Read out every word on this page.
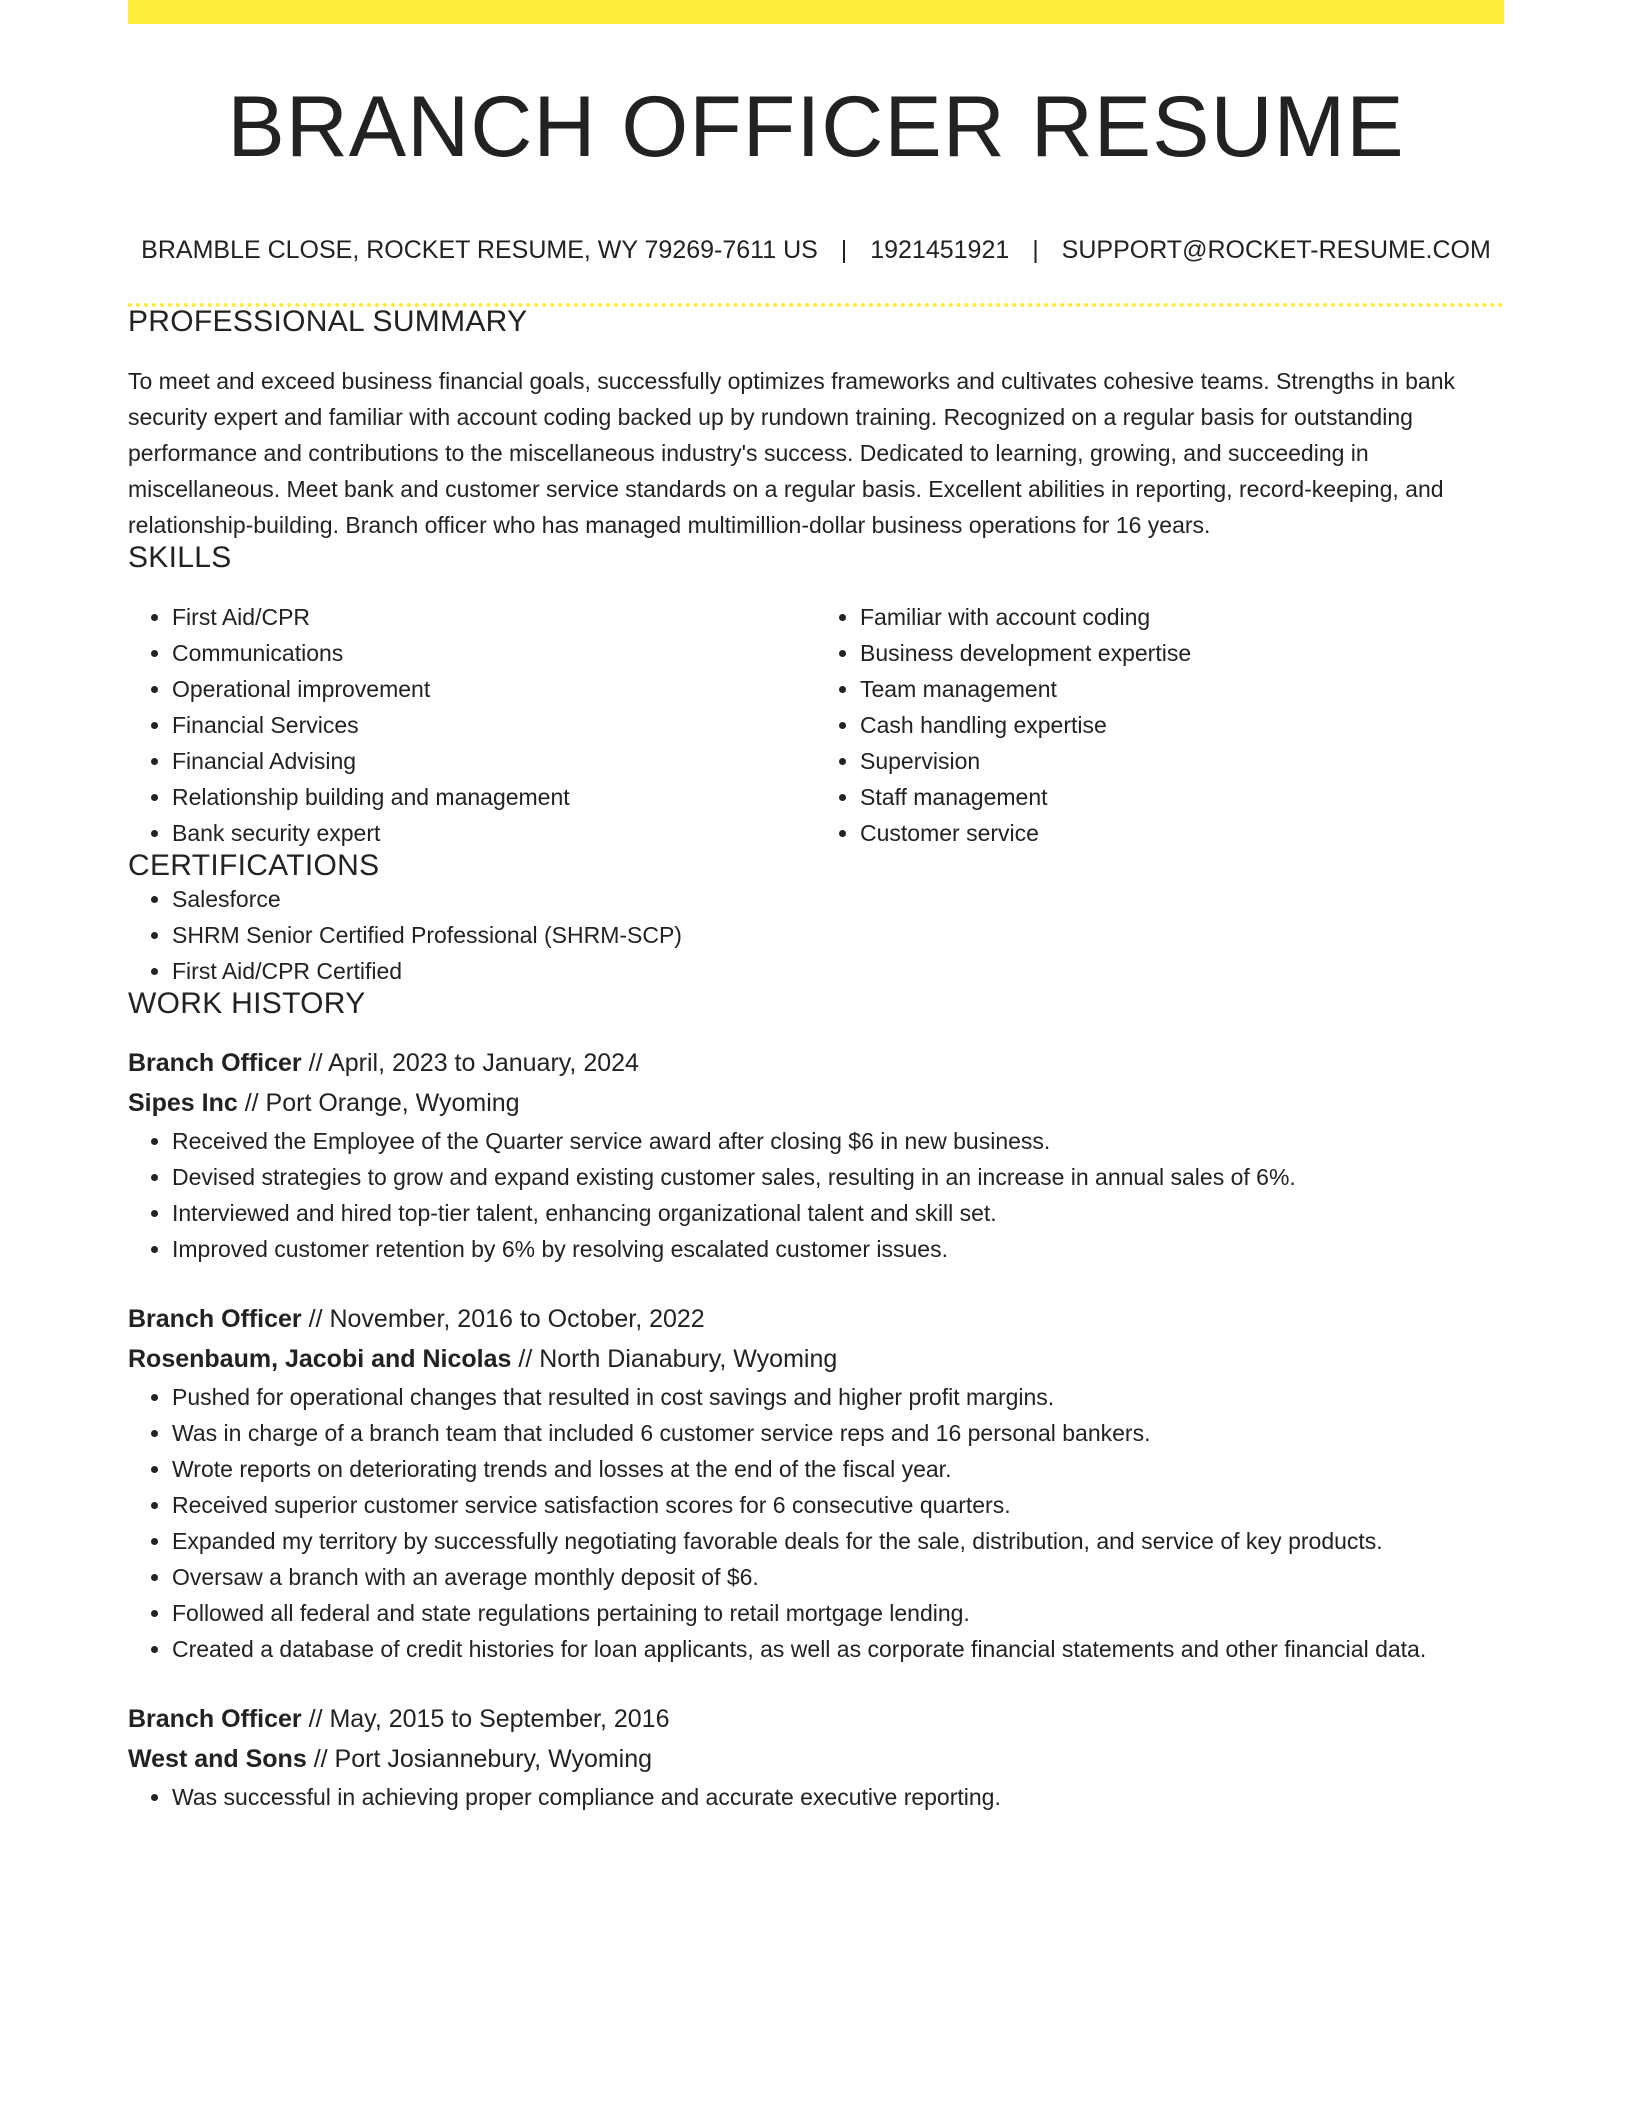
BRANCH OFFICER RESUME
BRAMBLE CLOSE, ROCKET RESUME, WY 79269-7611 US | 1921451921 | SUPPORT@ROCKET-RESUME.COM
PROFESSIONAL SUMMARY

To meet and exceed business financial goals, successfully optimizes frameworks and cultivates cohesive teams. Strengths in bank security expert and familiar with account coding backed up by rundown training. Recognized on a regular basis for outstanding performance and contributions to the miscellaneous industry's success. Dedicated to learning, growing, and succeeding in miscellaneous. Meet bank and customer service standards on a regular basis. Excellent abilities in reporting, record-keeping, and relationship-building. Branch officer who has managed multimillion-dollar business operations for 16 years.

SKILLS
• First Aid/CPR
• Communications
• Operational improvement
• Financial Services
• Financial Advising
• Relationship building and management
• Bank security expert
• Familiar with account coding
• Business development expertise
• Team management
• Cash handling expertise
• Supervision
• Staff management
• Customer service
CERTIFICATIONS
• Salesforce
• SHRM Senior Certified Professional (SHRM-SCP)
• First Aid/CPR Certified
WORK HISTORY
Branch Officer // April, 2023 to January, 2024
Sipes Inc // Port Orange, Wyoming
• Received the Employee of the Quarter service award after closing $6 in new business.
• Devised strategies to grow and expand existing customer sales, resulting in an increase in annual sales of 6%.
• Interviewed and hired top-tier talent, enhancing organizational talent and skill set.
• Improved customer retention by 6% by resolving escalated customer issues.
Branch Officer // November, 2016 to October, 2022
Rosenbaum, Jacobi and Nicolas // North Dianabury, Wyoming
• Pushed for operational changes that resulted in cost savings and higher profit margins.
• Was in charge of a branch team that included 6 customer service reps and 16 personal bankers.
• Wrote reports on deteriorating trends and losses at the end of the fiscal year.
• Received superior customer service satisfaction scores for 6 consecutive quarters.
• Expanded my territory by successfully negotiating favorable deals for the sale, distribution, and service of key products.
• Oversaw a branch with an average monthly deposit of $6.
• Followed all federal and state regulations pertaining to retail mortgage lending.
• Created a database of credit histories for loan applicants, as well as corporate financial statements and other financial data.
Branch Officer // May, 2015 to September, 2016
West and Sons // Port Josiannebury, Wyoming
• Was successful in achieving proper compliance and accurate executive reporting.
